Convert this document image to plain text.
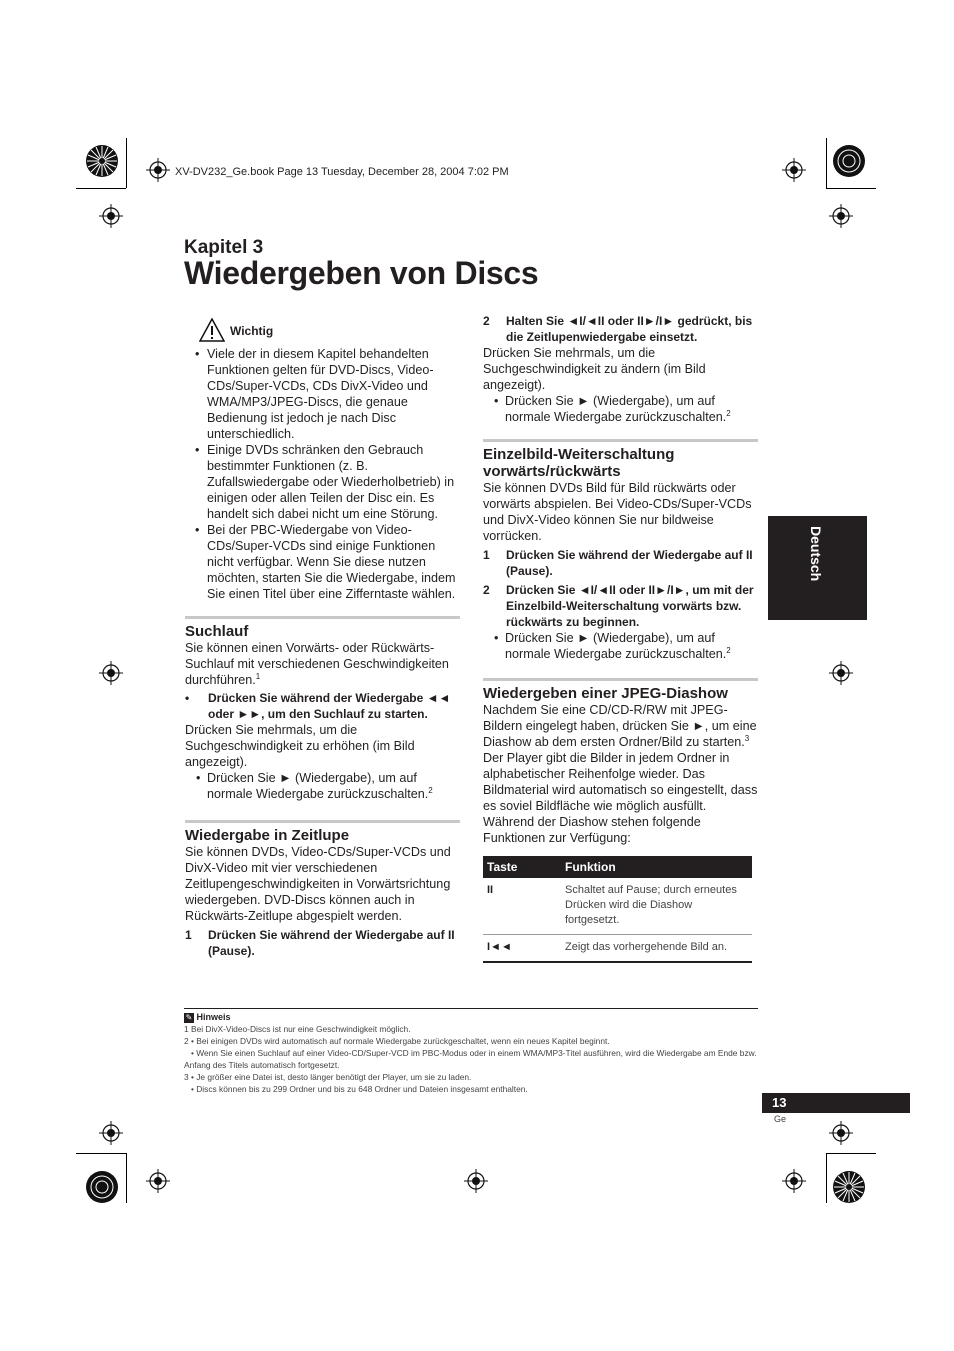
XV-DV232_Ge.book Page 13 Tuesday, December 28, 2004 7:02 PM
Kapitel 3
Wiedergeben von Discs
Wichtig

• Viele der in diesem Kapitel behandelten Funktionen gelten für DVD-Discs, Video-CDs/Super-VCDs, CDs DivX-Video und WMA/MP3/JPEG-Discs, die genaue Bedienung ist jedoch je nach Disc unterschiedlich.

• Einige DVDs schränken den Gebrauch bestimmter Funktionen (z. B. Zufallswiedergabe oder Wiederholbetrieb) in einigen oder allen Teilen der Disc ein. Es handelt sich dabei nicht um eine Störung.

• Bei der PBC-Wiedergabe von Video-CDs/Super-VCDs sind einige Funktionen nicht verfügbar. Wenn Sie diese nutzen möchten, starten Sie die Wiedergabe, indem Sie einen Titel über eine Zifferntaste wählen.

Suchlauf

Sie können einen Vorwärts- oder Rückwärts-Suchlauf mit verschiedenen Geschwindigkeiten durchführen.$^1$

• Drücken Sie während der Wiedergabe ◄◄ oder ►►, um den Suchlauf zu starten.

Drücken Sie mehrmals, um die Suchgeschwindigkeit zu erhöhen (im Bild angezeigt).

• Drücken Sie ► (Wiedergabe), um auf normale Wiedergabe zurückzuschalten.$^2$

Wiedergabe in Zeitlupe

Sie können DVDs, Video-CDs/Super-VCDs und DivX-Video mit vier verschiedenen Zeitlupengeschwindigkeiten in Vorwärtsrichtung wiedergeben. DVD-Discs können auch in Rückwärts-Zeitlupe abgespielt werden.

1 Drücken Sie während der Wiedergabe auf II (Pause).

2 Halten Sie ◄I/◄II oder II►/I► gedrückt, bis die Zeitlupenwiedergabe einsetzt.

Drücken Sie mehrmals, um die Suchgeschwindigkeit zu ändern (im Bild angezeigt).

• Drücken Sie ► (Wiedergabe), um auf normale Wiedergabe zurückzuschalten.$^2$

Einzelbild-Weiterschaltung vorwärts/rückwärts

Sie können DVDs Bild für Bild rückwärts oder vorwärts abspielen. Bei Video-CDs/Super-VCDs und DivX-Video können Sie nur bildweise vorrücken.

1 Drücken Sie während der Wiedergabe auf II (Pause).

2 Drücken Sie ◄I/◄II oder II►/I►, um mit der Einzelbild-Weiterschaltung vorwärts bzw. rückwärts zu beginnen.

• Drücken Sie ► (Wiedergabe), um auf normale Wiedergabe zurückzuschalten.$^2$

Wiedergeben einer JPEG-Diashow

Nachdem Sie eine CD/CD-R/RW mit JPEG-Bildern eingelegt haben, drücken Sie ►, um eine Diashow ab dem ersten Ordner/Bild zu starten.$^3$ Der Player gibt die Bilder in jedem Ordner in alphabetischer Reihenfolge wieder. Das Bildmaterial wird automatisch so eingestellt, dass es soviel Bildfläche wie möglich ausfüllt.

Während der Diashow stehen folgende Funktionen zur Verfügung:

Taste	Funktion
II	Schaltet auf Pause; durch erneutes Drücken wird die Diashow fortgesetzt.
I◄◄	Zeigt das vorhergehende Bild an.
Deutsch

✎ Hinweis

1 Bei DivX-Video-Discs ist nur eine Geschwindigkeit möglich.

2 • Bei einigen DVDs wird automatisch auf normale Wiedergabe zurückgeschaltet, wenn ein neues Kapitel beginnt.

• Wenn Sie einen Suchlauf auf einer Video-CD/Super-VCD im PBC-Modus oder in einem WMA/MP3-Titel ausführen, wird die Wiedergabe am Ende bzw. Anfang des Titels automatisch fortgesetzt.

3 • Je größer eine Datei ist, desto länger benötigt der Player, um sie zu laden.

• Discs können bis zu 299 Ordner und bis zu 648 Ordner und Dateien insgesamt enthalten.

13
Ge
